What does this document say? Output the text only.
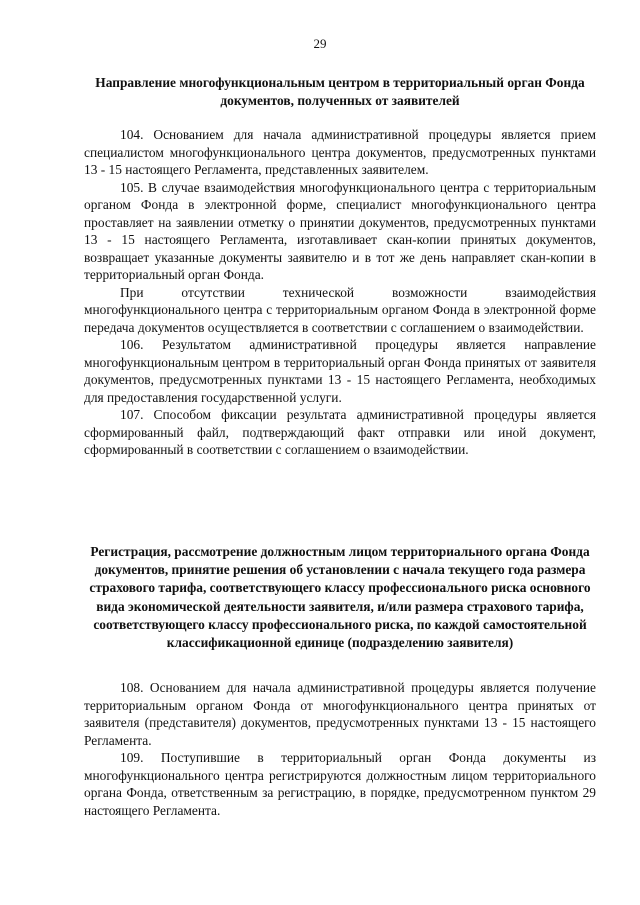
29
Направление многофункциональным центром в территориальный орган Фонда документов, полученных от заявителей

104. Основанием для начала административной процедуры является прием специалистом многофункционального центра документов, предусмотренных пунктами 13 - 15 настоящего Регламента, представленных заявителем.

105. В случае взаимодействия многофункционального центра с территориальным органом Фонда в электронной форме, специалист многофункционального центра проставляет на заявлении отметку о принятии документов, предусмотренных пунктами 13 - 15 настоящего Регламента, изготавливает скан-копии принятых документов, возвращает указанные документы заявителю и в тот же день направляет скан-копии в территориальный орган Фонда.

При отсутствии технической возможности взаимодействия многофункционального центра с территориальным органом Фонда в электронной форме передача документов осуществляется в соответствии с соглашением о взаимодействии.

106. Результатом административной процедуры является направление многофункциональным центром в территориальный орган Фонда принятых от заявителя документов, предусмотренных пунктами 13 - 15 настоящего Регламента, необходимых для предоставления государственной услуги.

107. Способом фиксации результата административной процедуры является сформированный файл, подтверждающий факт отправки или иной документ, сформированный в соответствии с соглашением о взаимодействии.

Регистрация, рассмотрение должностным лицом территориального органа Фонда документов, принятие решения об установлении с начала текущего года размера страхового тарифа, соответствующего классу профессионального риска основного вида экономической деятельности заявителя, и/или размера страхового тарифа, соответствующего классу профессионального риска, по каждой самостоятельной классификационной единице (подразделению заявителя)

108. Основанием для начала административной процедуры является получение территориальным органом Фонда от многофункционального центра принятых от заявителя (представителя) документов, предусмотренных пунктами 13 - 15 настоящего Регламента.

109. Поступившие в территориальный орган Фонда документы из многофункционального центра регистрируются должностным лицом территориального органа Фонда, ответственным за регистрацию, в порядке, предусмотренном пунктом 29 настоящего Регламента.
